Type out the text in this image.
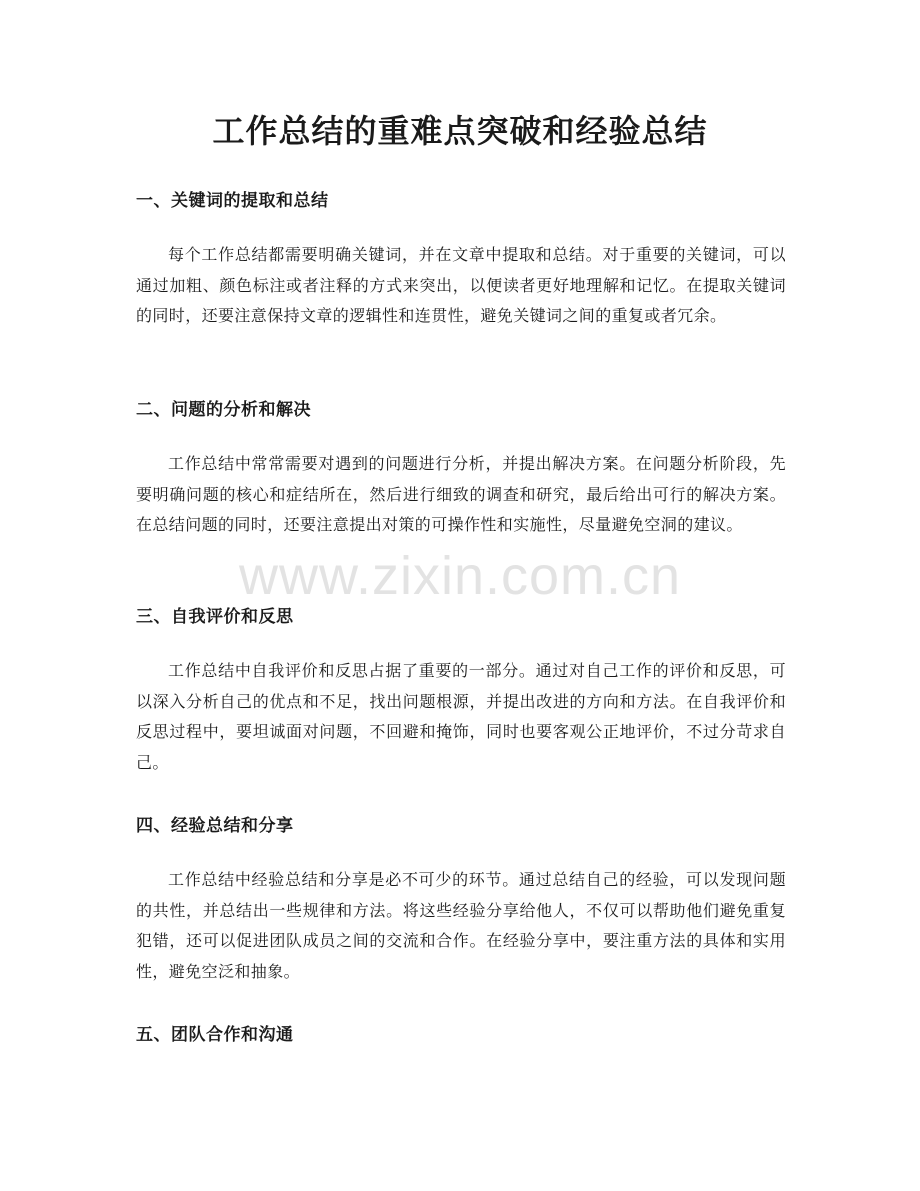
工作总结的重难点突破和经验总结
一、关键词的提取和总结

每个工作总结都需要明确关键词，并在文章中提取和总结。对于重要的关键词，可以通过加粗、颜色标注或者注释的方式来突出，以便读者更好地理解和记忆。在提取关键词的同时，还要注意保持文章的逻辑性和连贯性，避免关键词之间的重复或者冗余。

二、问题的分析和解决

工作总结中常常需要对遇到的问题进行分析，并提出解决方案。在问题分析阶段，先要明确问题的核心和症结所在，然后进行细致的调查和研究，最后给出可行的解决方案。在总结问题的同时，还要注意提出对策的可操作性和实施性，尽量避免空洞的建议。

三、自我评价和反思

工作总结中自我评价和反思占据了重要的一部分。通过对自己工作的评价和反思，可以深入分析自己的优点和不足，找出问题根源，并提出改进的方向和方法。在自我评价和反思过程中，要坦诚面对问题，不回避和掩饰，同时也要客观公正地评价，不过分苛求自己。

四、经验总结和分享

工作总结中经验总结和分享是必不可少的环节。通过总结自己的经验，可以发现问题的共性，并总结出一些规律和方法。将这些经验分享给他人，不仅可以帮助他们避免重复犯错，还可以促进团队成员之间的交流和合作。在经验分享中，要注重方法的具体和实用性，避免空泛和抽象。

五、团队合作和沟通
www.zixin.com.cn
